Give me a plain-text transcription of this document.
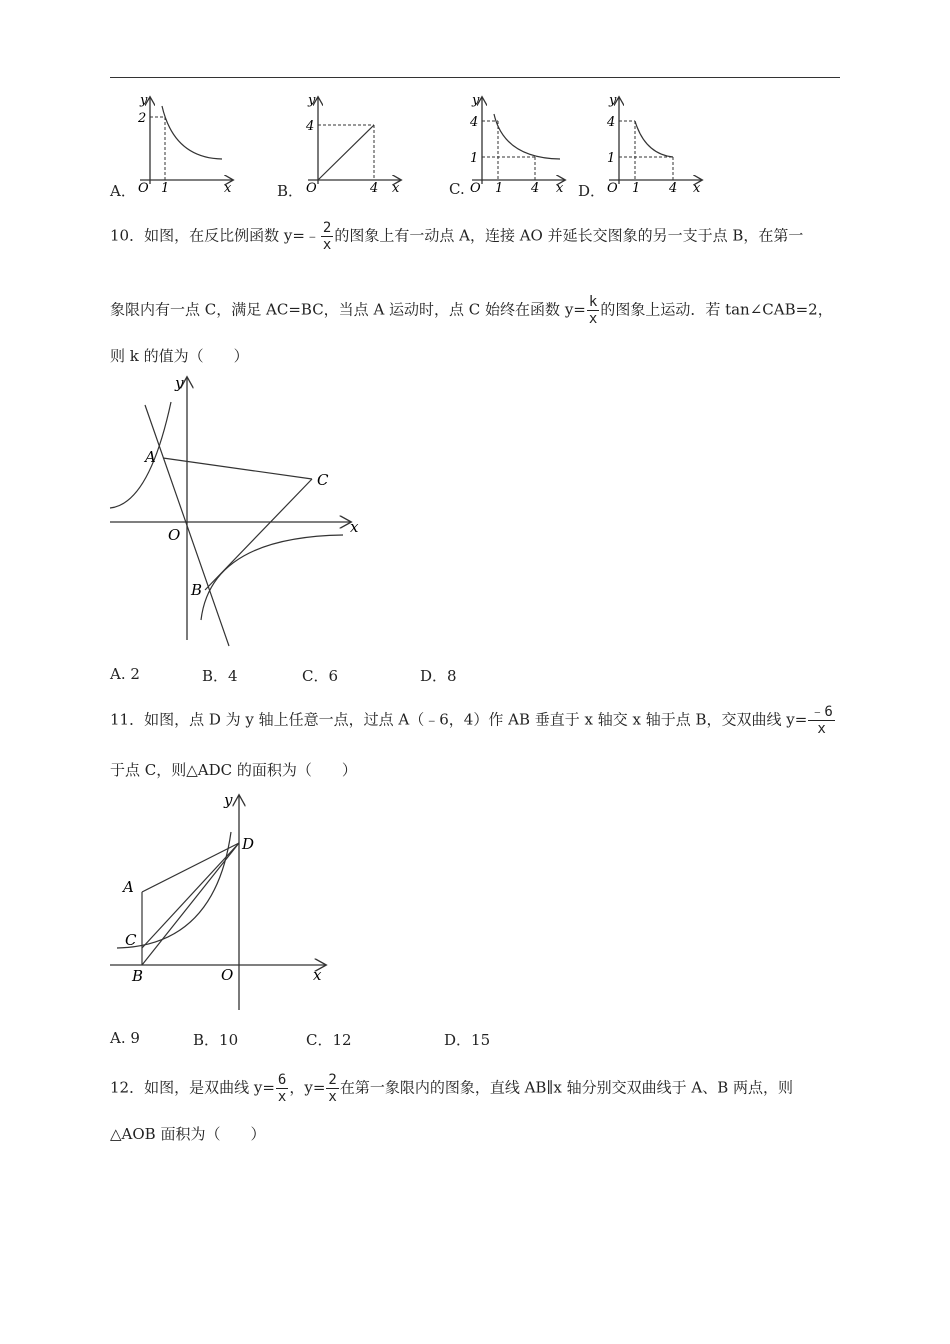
A．
y
2
O 1	x	B．
y
4
O	4 x	C.
y
4
1
O 1 4 x D．
y
4
1
O 1 4 x
10．如图，在反比例函数 y=﹣ $\frac{2}{x}$ 的图象上有一动点 A，连接 AO 并延长交图象的另一支于点 B，在第一
象限内有一点 C，满足 AC=BC，当点 A 运动时，点 C 始终在函数 $y= \frac{k}{x}$ 的图象上运动．若 tan∠CAB=2，
则 k 的值为（　　）
y
x
A
C
O
B
A. 2	B．4	C．6	D．8
11．如图，点 D 为 y 轴上任意一点，过点 A（﹣6，4）作 AB 垂直于 x 轴交 x 轴于点 B，交双曲线 $y= \frac{﹣6}{x}$
于点 C，则△ADC 的面积为（　　）
y
x
A
C
O
B
D
A. 9	B．10	C．12	D．15
12．如图，是双曲线 $y= \frac{6}{x}$ ，$y= \frac{2}{x}$ 在第一象限内的图象，直线 AB∥x 轴分别交双曲线于 A、B 两点，则
△AOB 面积为（　　）
